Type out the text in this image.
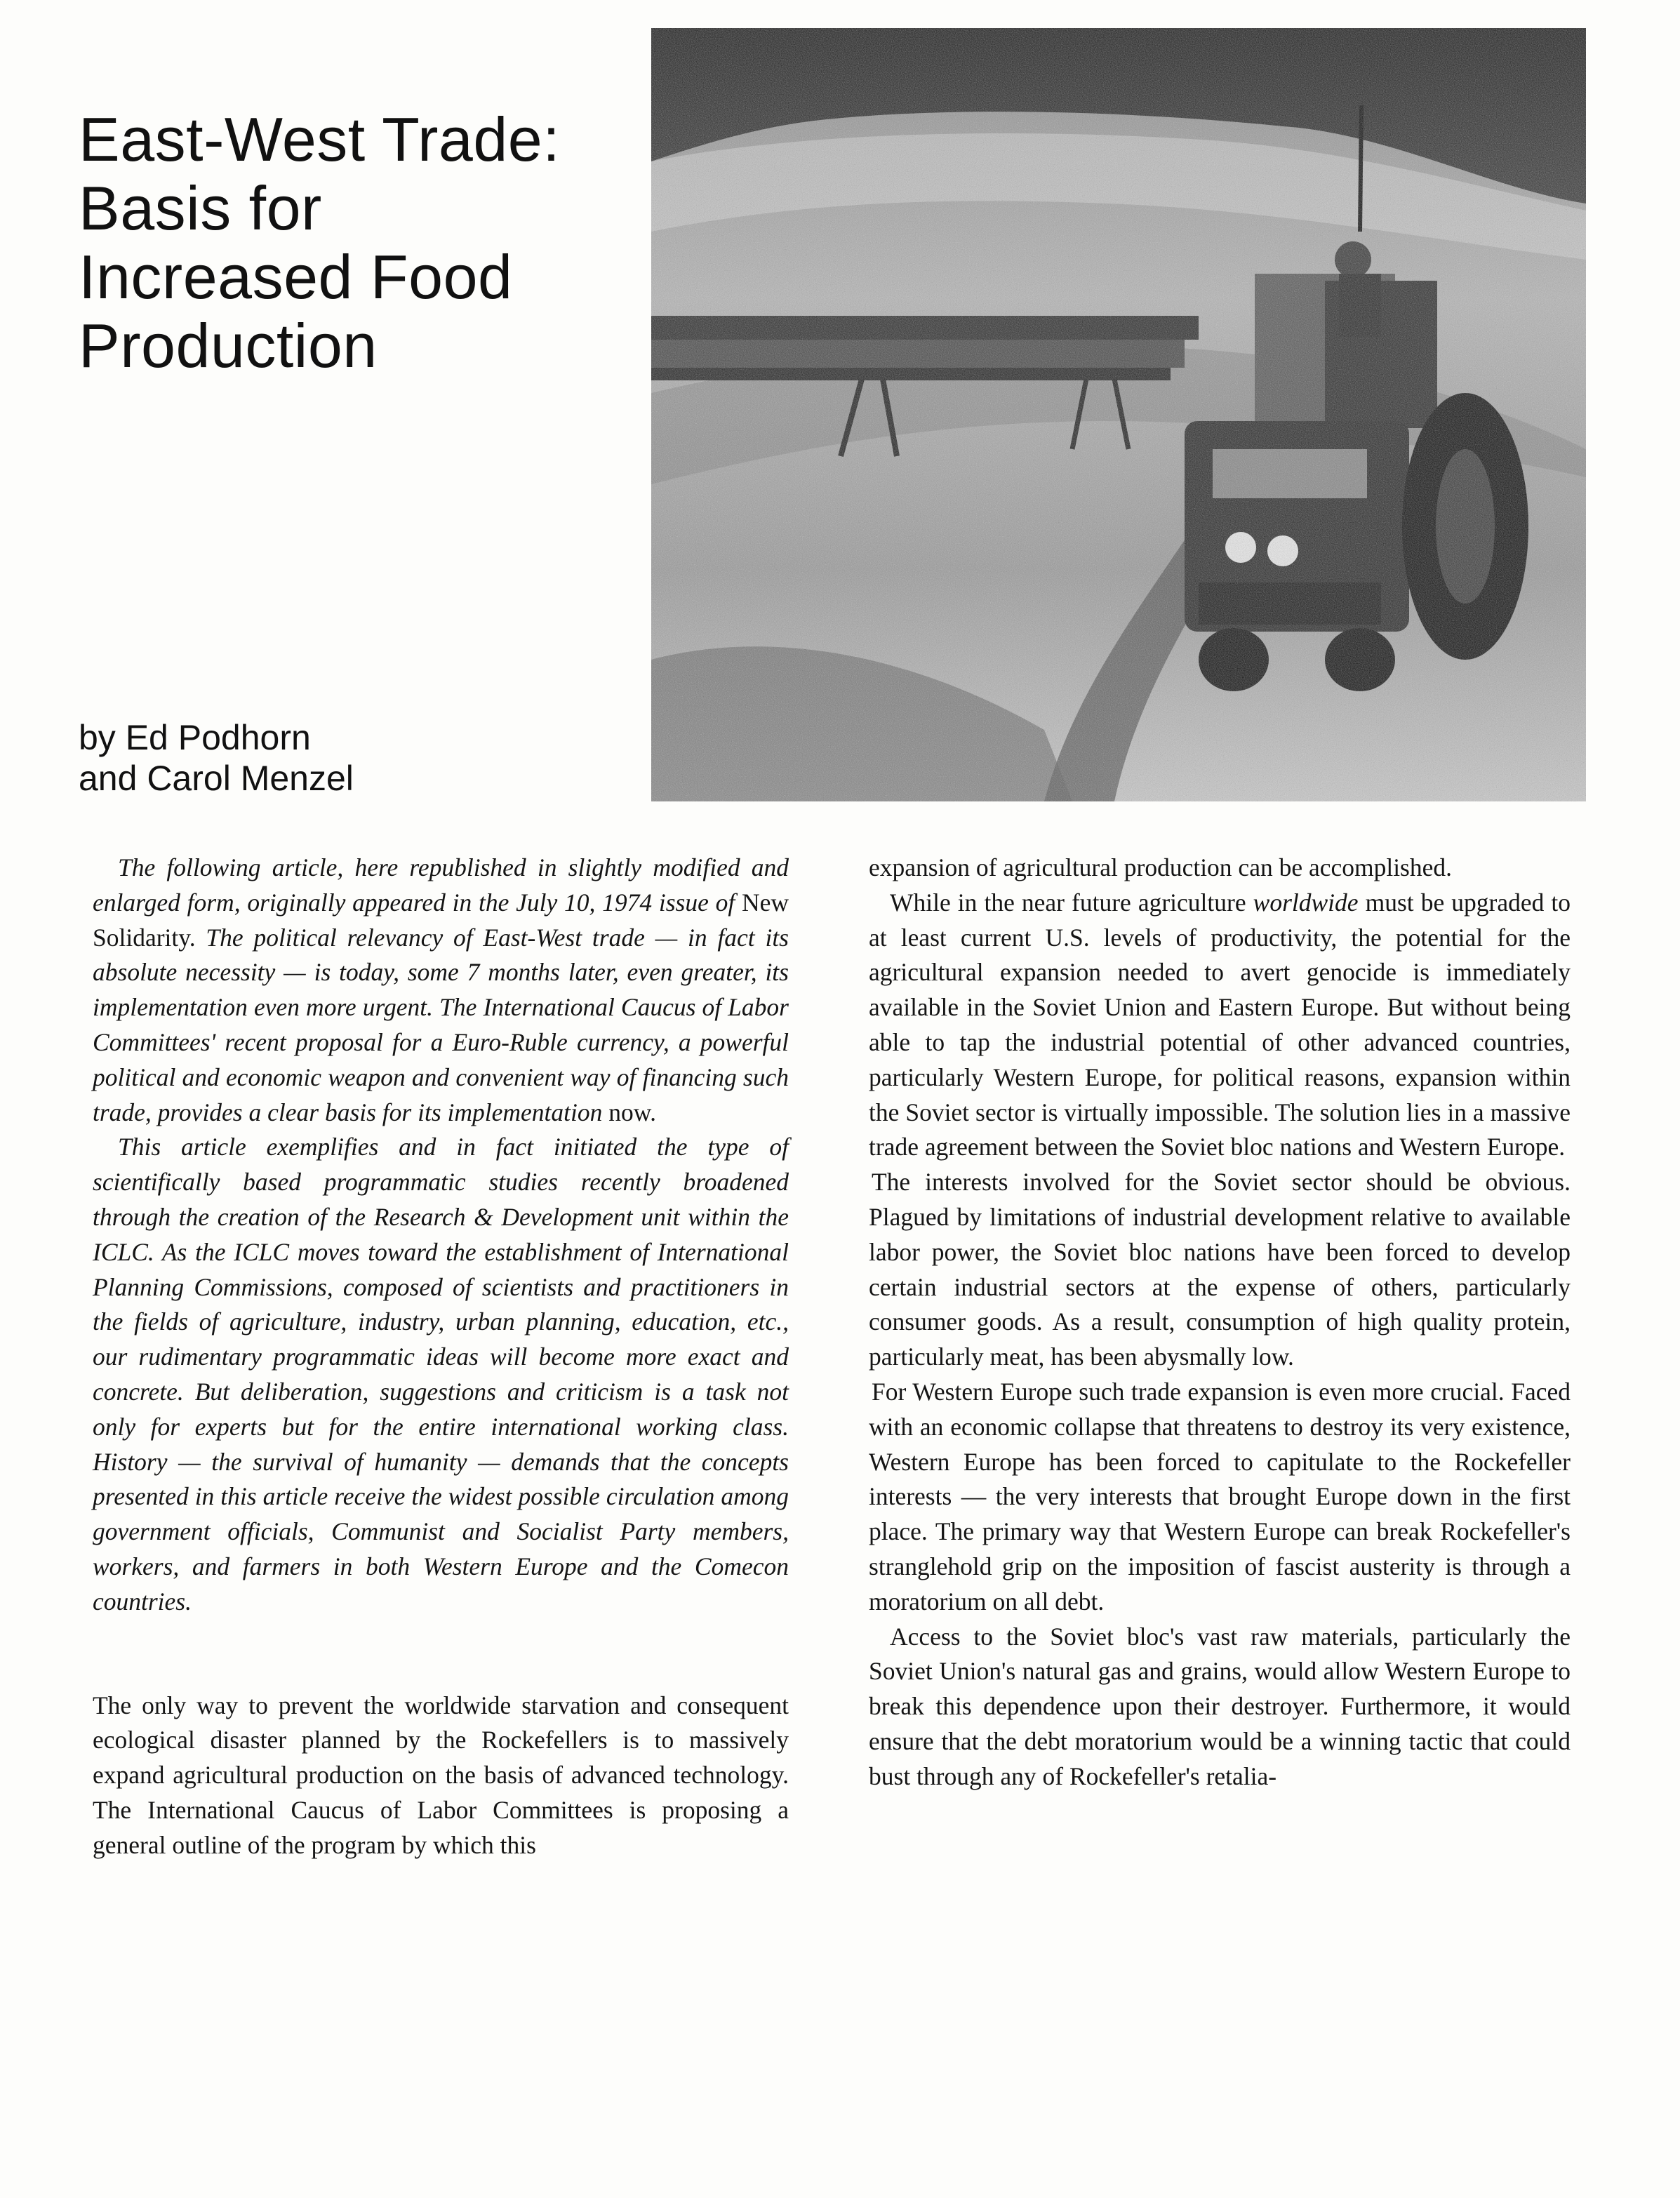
East-West Trade:
Basis for
Increased Food
Production
by Ed Podhorn
and Carol Menzel

The following article, here republished in slightly modified and enlarged form, originally appeared in the July 10, 1974 issue of New Solidarity. The political relevancy of East-West trade — in fact its absolute necessity — is today, some 7 months later, even greater, its implementation even more urgent. The International Caucus of Labor Committees' recent proposal for a Euro-Ruble currency, a powerful political and economic weapon and convenient way of financing such trade, provides a clear basis for its implementation now.

This article exemplifies and in fact initiated the type of scientifically based programmatic studies recently broadened through the creation of the Research & Development unit within the ICLC. As the ICLC moves toward the establishment of International Planning Commissions, composed of scientists and practitioners in the fields of agriculture, industry, urban planning, education, etc., our rudimentary programmatic ideas will become more exact and concrete. But deliberation, suggestions and criticism is a task not only for experts but for the entire international working class. History — the survival of humanity — demands that the concepts presented in this article receive the widest possible circulation among government officials, Communist and Socialist Party members, workers, and farmers in both Western Europe and the Comecon countries.

The only way to prevent the worldwide starvation and consequent ecological disaster planned by the Rockefellers is to massively expand agricultural production on the basis of advanced technology. The International Caucus of Labor Committees is proposing a general outline of the program by which this

expansion of agricultural production can be accomplished.

While in the near future agriculture worldwide must be upgraded to at least current U.S. levels of productivity, the potential for the agricultural expansion needed to avert genocide is immediately available in the Soviet Union and Eastern Europe. But without being able to tap the industrial potential of other advanced countries, particularly Western Europe, for political reasons, expansion within the Soviet sector is virtually impossible. The solution lies in a massive trade agreement between the Soviet bloc nations and Western Europe.

The interests involved for the Soviet sector should be obvious. Plagued by limitations of industrial development relative to available labor power, the Soviet bloc nations have been forced to develop certain industrial sectors at the expense of others, particularly consumer goods. As a result, consumption of high quality protein, particularly meat, has been abysmally low.

For Western Europe such trade expansion is even more crucial. Faced with an economic collapse that threatens to destroy its very existence, Western Europe has been forced to capitulate to the Rockefeller interests — the very interests that brought Europe down in the first place. The primary way that Western Europe can break Rockefeller's stranglehold grip on the imposition of fascist austerity is through a moratorium on all debt.

Access to the Soviet bloc's vast raw materials, particularly the Soviet Union's natural gas and grains, would allow Western Europe to break this dependence upon their destroyer. Furthermore, it would ensure that the debt moratorium would be a winning tactic that could bust through any of Rockefeller's retalia-
